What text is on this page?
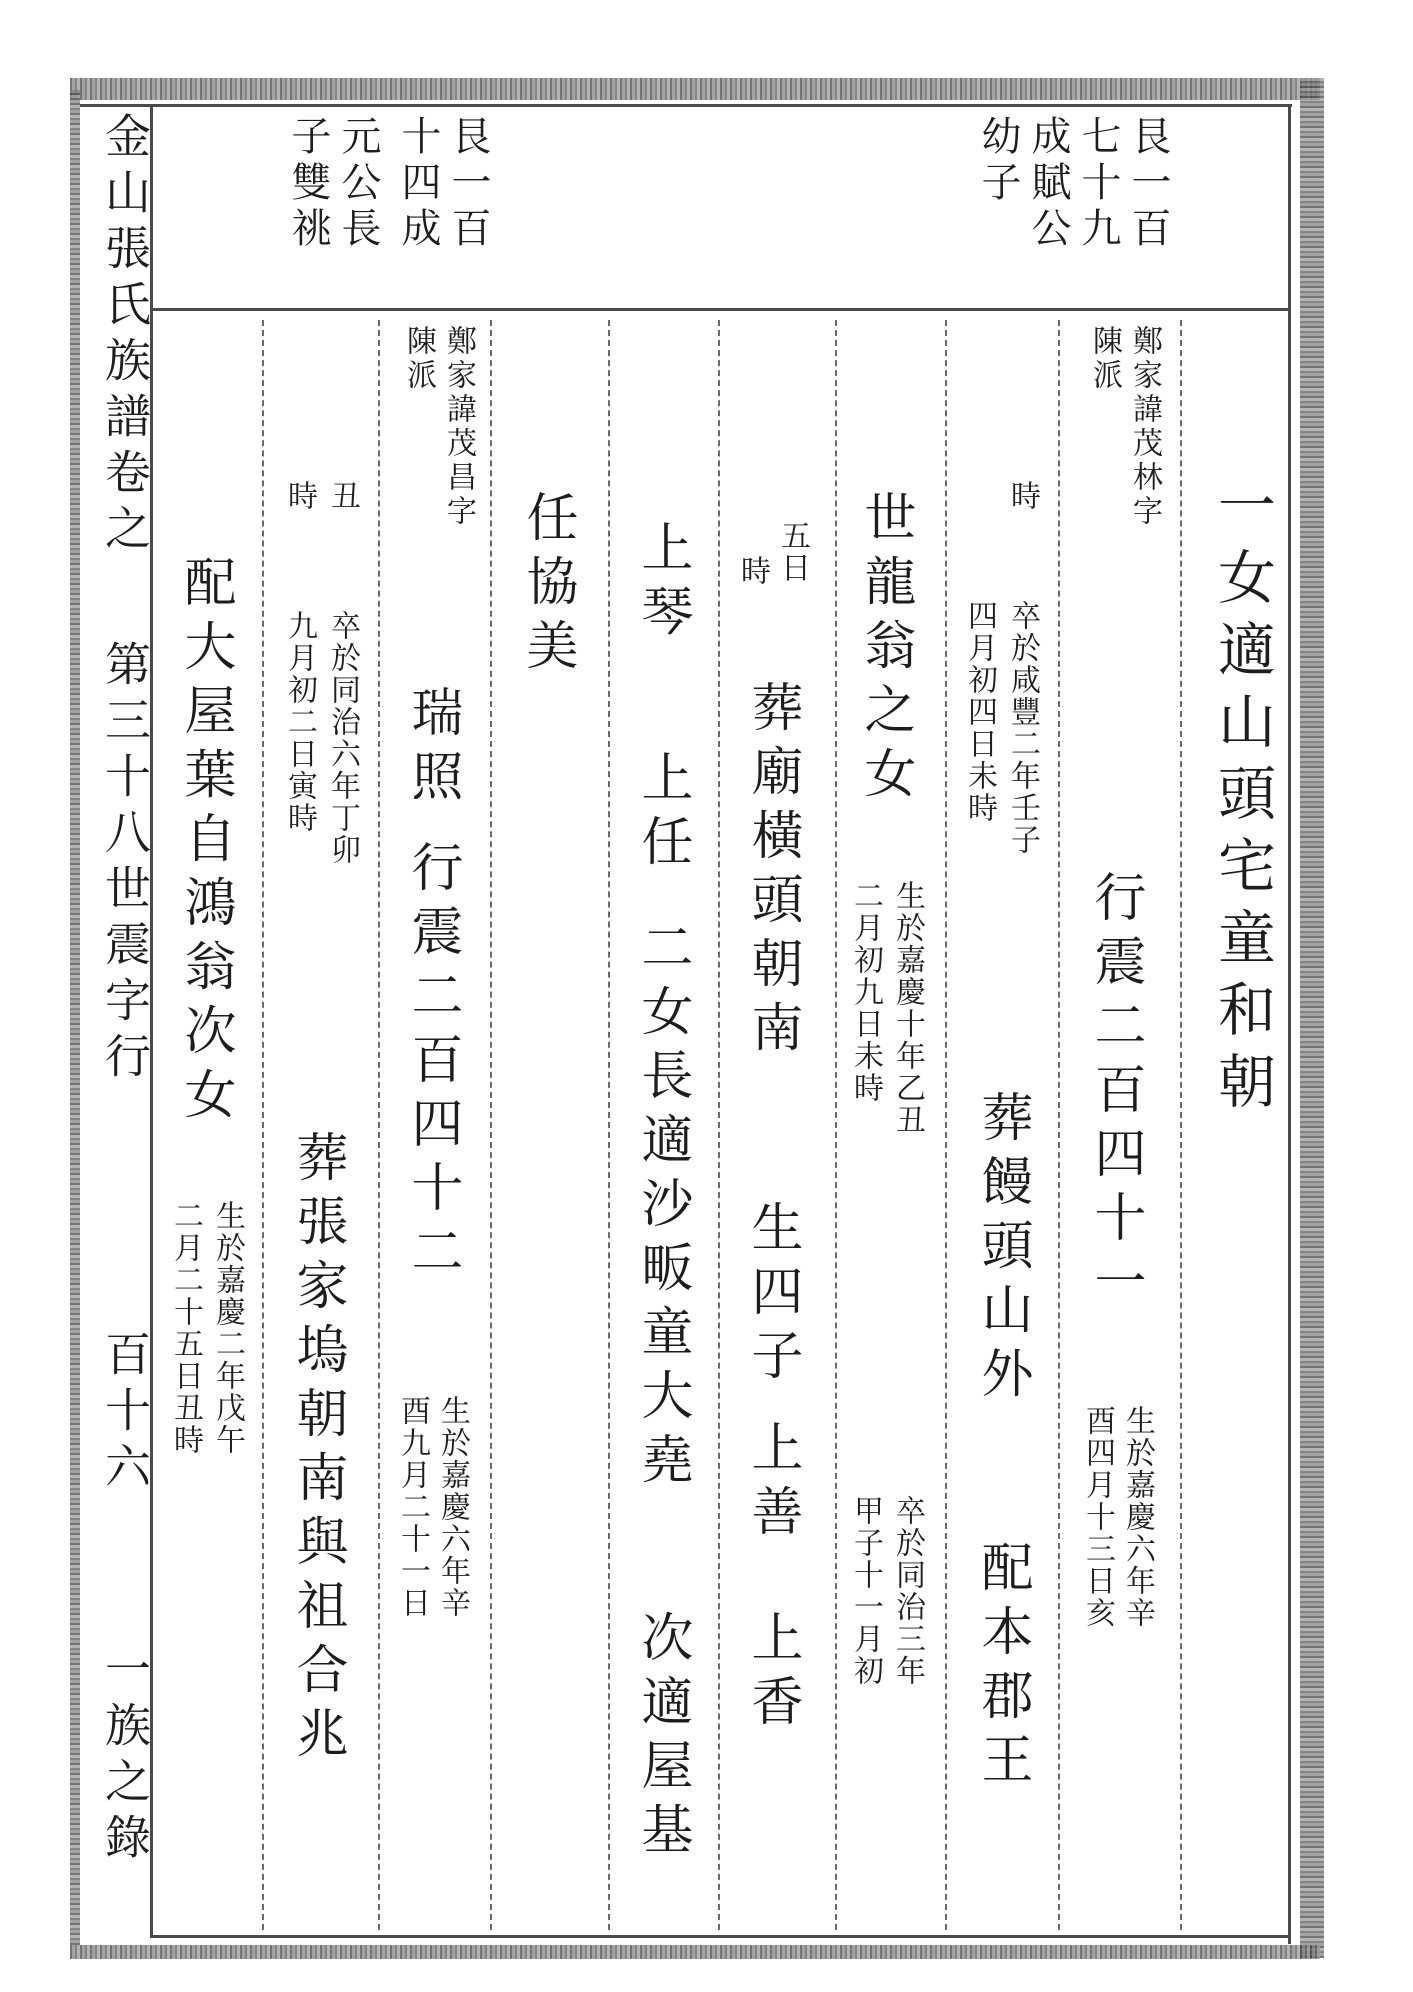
金山張氏族譜卷之
第三十八世震字行
百十六
一族之錄
艮一百
七十九
成賦公
幼子
艮一百
十四成
元公長
子雙祧
一女適山頭宅童和朝
鄭家諱茂林字
陳派
行震二百四十一
生於嘉慶六年辛
酉四月十三日亥
時
卒於咸豐二年壬子
四月初四日未時
葬饅頭山外
配本郡王
世龍翁之女
生於嘉慶十年乙丑
二月初九日未時
卒於同治三年
甲子十一月初
五日
時
葬廟橫頭朝南
生四子
上善
上香
上琴
上任
二女長適沙畈童大堯
次適屋基
任協美
鄭家諱茂昌字
陳派
瑞照
行震二百四十二
生於嘉慶六年辛
酉九月二十一日
丑
時
卒於同治六年丁卯
九月初二日寅時
葬張家塢朝南與祖合兆
配大屋葉自鴻翁次女
生於嘉慶二年戊午
二月二十五日丑時
